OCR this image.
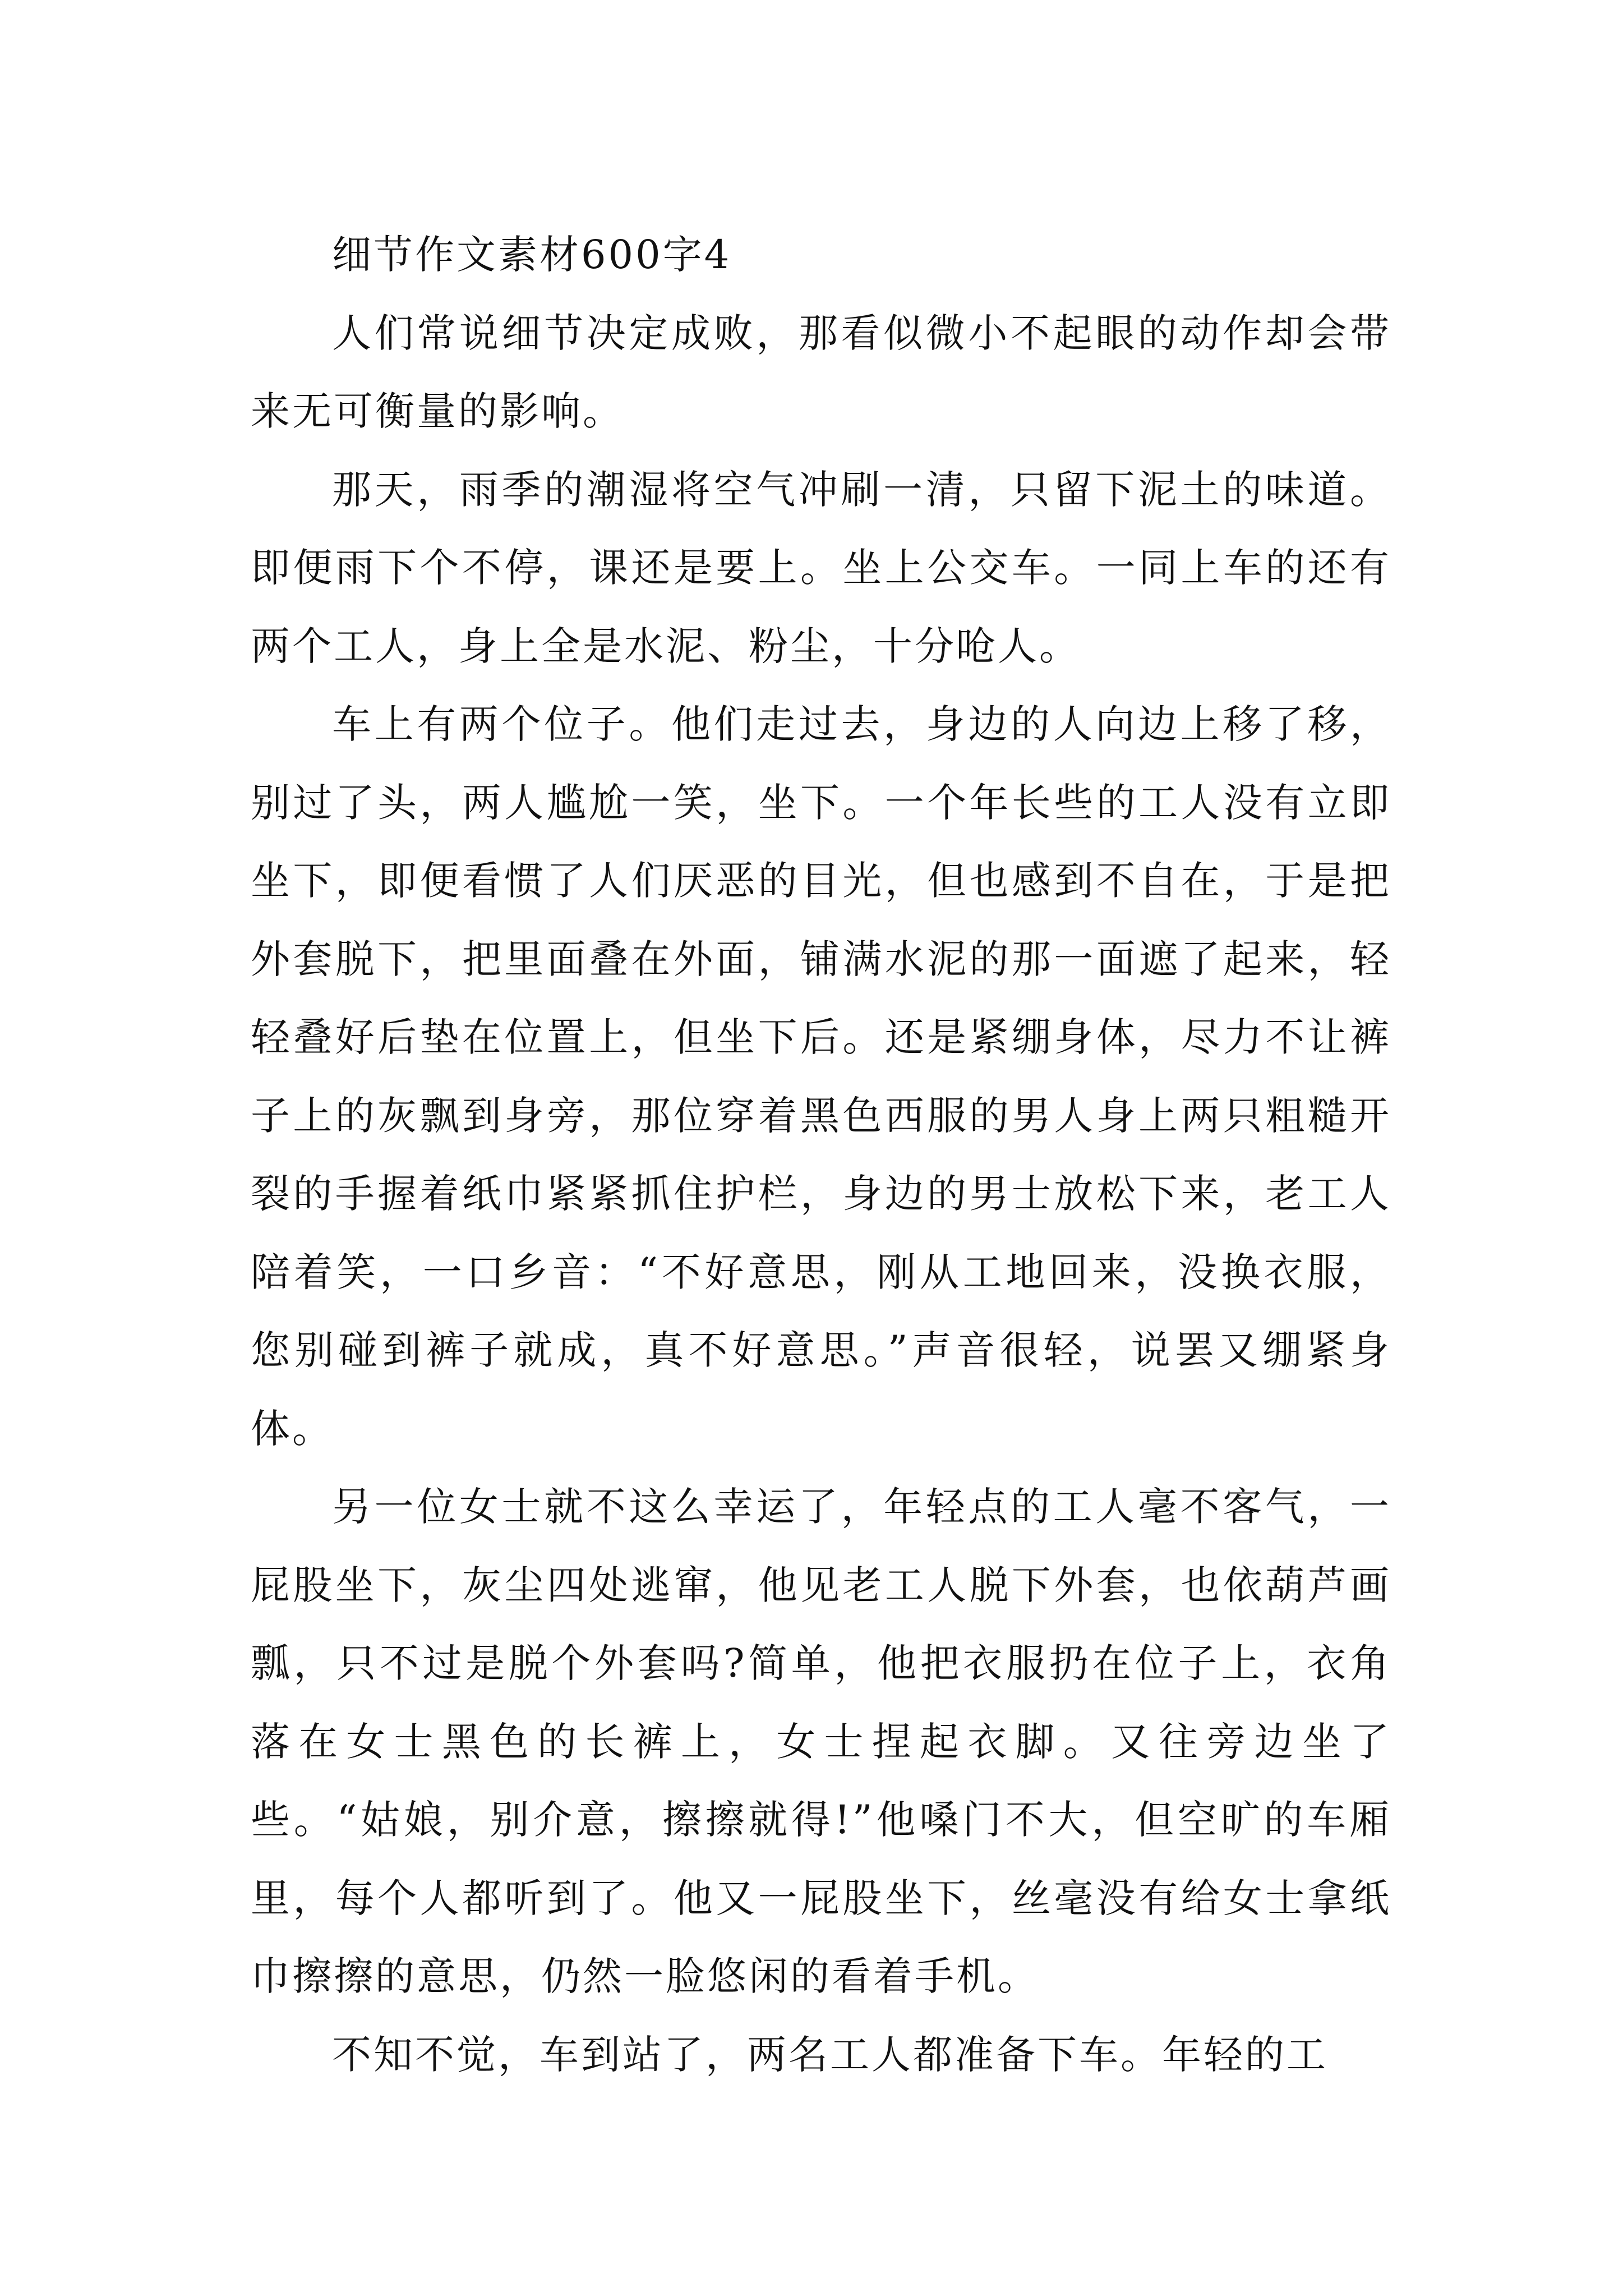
细节作文素材600字4

人们常说细节决定成败，那看似微小不起眼的动作却会带来无可衡量的影响。

那天，雨季的潮湿将空气冲刷一清，只留下泥土的味道。即便雨下个不停，课还是要上。坐上公交车。一同上车的还有两个工人，身上全是水泥、粉尘，十分呛人。

车上有两个位子。他们走过去，身边的人向边上移了移，别过了头，两人尴尬一笑，坐下。一个年长些的工人没有立即坐下，即便看惯了人们厌恶的目光，但也感到不自在，于是把外套脱下，把里面叠在外面，铺满水泥的那一面遮了起来，轻轻叠好后垫在位置上，但坐下后。还是紧绷身体，尽力不让裤子上的灰飘到身旁，那位穿着黑色西服的男人身上两只粗糙开裂的手握着纸巾紧紧抓住护栏，身边的男士放松下来，老工人陪着笑，一口乡音：“不好意思，刚从工地回来，没换衣服，您别碰到裤子就成，真不好意思。”声音很轻，说罢又绷紧身体。

另一位女士就不这么幸运了，年轻点的工人毫不客气，一屁股坐下，灰尘四处逃窜，他见老工人脱下外套，也依葫芦画瓢，只不过是脱个外套吗?简单，他把衣服扔在位子上，衣角落在女士黑色的长裤上，女士捏起衣脚。又往旁边坐了些。“姑娘，别介意，擦擦就得!”他嗓门不大，但空旷的车厢里，每个人都听到了。他又一屁股坐下，丝毫没有给女士拿纸巾擦擦的意思，仍然一脸悠闲的看着手机。

不知不觉，车到站了，两名工人都准备下车。年轻的工
